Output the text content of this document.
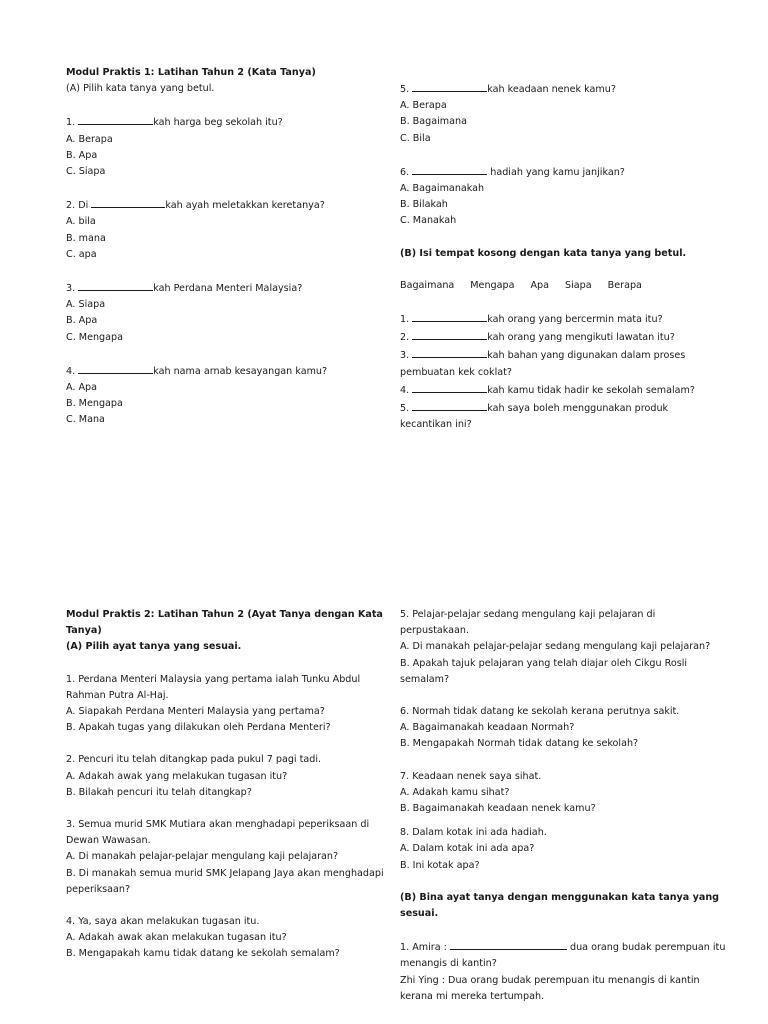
Modul Praktis 1: Latihan Tahun 2 (Kata Tanya)
(A) Pilih kata tanya yang betul.
1.	kah harga beg sekolah itu?
A. Berapa
B. Apa
C. Siapa
2. Di	kah ayah meletakkan keretanya?
A. bila
B. mana
C. apa
3.	kah Perdana Menteri Malaysia?
A. Siapa
B. Apa
C. Mengapa
4.	kah nama arnab kesayangan kamu?
A. Apa
B. Mengapa
C. Mana
5.	kah keadaan nenek kamu?
A. Berapa
B. Bagaimana
C. Bila
6.	hadiah yang kamu janjikan?
A. Bagaimanakah
B. Bilakah
C. Manakah
(B) Isi tempat kosong dengan kata tanya yang betul.
Bagaimana Mengapa Apa Siapa Berapa
1.	kah orang yang bercermin mata itu?
2.	kah orang yang mengikuti lawatan itu?
3.	kah bahan yang digunakan dalam proses
pembuatan kek coklat?
4.	kah kamu tidak hadir ke sekolah semalam?
5.	kah saya boleh menggunakan produk
kecantikan ini?
Modul Praktis 2: Latihan Tahun 2 (Ayat Tanya dengan Kata
Tanya)
(A) Pilih ayat tanya yang sesuai.
1. Perdana Menteri Malaysia yang pertama ialah Tunku Abdul
Rahman Putra Al-Haj.
A. Siapakah Perdana Menteri Malaysia yang pertama?
B. Apakah tugas yang dilakukan oleh Perdana Menteri?
2. Pencuri itu telah ditangkap pada pukul 7 pagi tadi.
A. Adakah awak yang melakukan tugasan itu?
B. Bilakah pencuri itu telah ditangkap?
3. Semua murid SMK Mutiara akan menghadapi peperiksaan di
Dewan Wawasan.
A. Di manakah pelajar-pelajar mengulang kaji pelajaran?
B. Di manakah semua murid SMK Jelapang Jaya akan menghadapi
peperiksaan?
4. Ya, saya akan melakukan tugasan itu.
A. Adakah awak akan melakukan tugasan itu?
B. Mengapakah kamu tidak datang ke sekolah semalam?
5. Pelajar-pelajar sedang mengulang kaji pelajaran di
perpustakaan.
A. Di manakah pelajar-pelajar sedang mengulang kaji pelajaran?
B. Apakah tajuk pelajaran yang telah diajar oleh Cikgu Rosli
semalam?
6. Normah tidak datang ke sekolah kerana perutnya sakit.
A. Bagaimanakah keadaan Normah?
B. Mengapakah Normah tidak datang ke sekolah?
7. Keadaan nenek saya sihat.
A. Adakah kamu sihat?
B. Bagaimanakah keadaan nenek kamu?
8. Dalam kotak ini ada hadiah.
A. Dalam kotak ini ada apa?
B. Ini kotak apa?
(B) Bina ayat tanya dengan menggunakan kata tanya yang
sesuai.
1. Amira :	dua orang budak perempuan itu
menangis di kantin?
Zhi Ying : Dua orang budak perempuan itu menangis di kantin
kerana mi mereka tertumpah.
